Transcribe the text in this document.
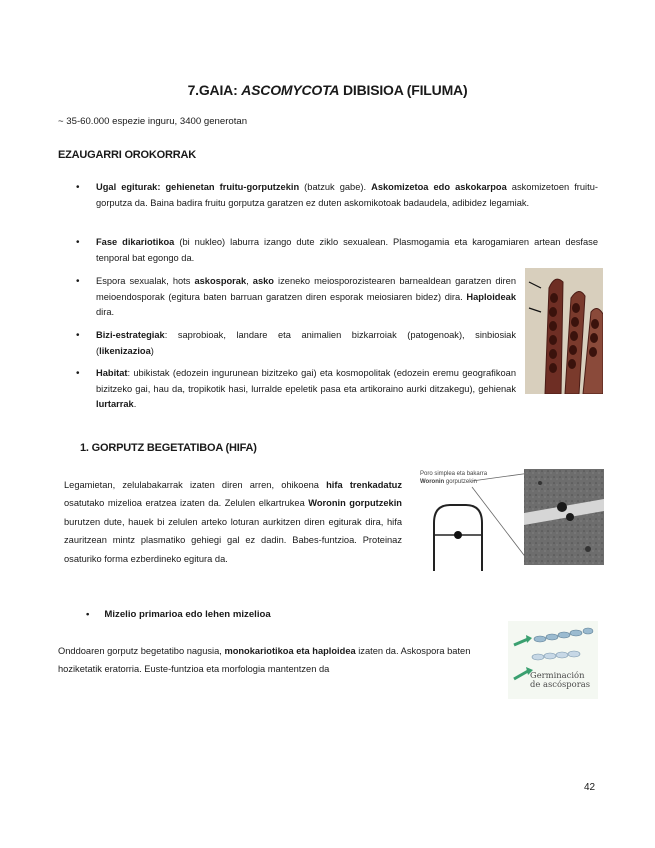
7.GAIA: ASCOMYCOTA DIBISIOA (FILUMA)
~ 35-60.000 espezie inguru, 3400 generotan
EZAUGARRI OROKORRAK
• Ugal egiturak: gehienetan fruitu-gorputzekin (batzuk gabe). Askomizetoa edo askokarpoa askomizetoen fruitu-gorputza da. Baina badira fruitu gorputza garatzen ez duten askomikotoak badaudela, adibidez legamiak.
• Fase dikariotikoa (bi nukleo) laburra izango dute ziklo sexualean. Plasmogamia eta karogamiaren artean desfase tenporal bat egongo da.
• Espora sexualak, hots askosporak, asko izeneko meiosporozistearen barnealdean garatzen diren meioendosporak (egitura baten barruan garatzen diren esporak meiosiaren bidez) dira. Haploideak dira.
• Bizi-estrategiak: saprobioak, landare eta animalien bizkarroiak (patogenoak), sinbiosiak (likenizazioa)
• Habitat: ubikistak (edozein ingurunean bizitzeko gai) eta kosmopolitak (edozein eremu geografikoan bizitzeko gai, hau da, tropikotik hasi, lurralde epeletik pasa eta artikoraino aurki ditzakegu), gehienak lurtarrak.
1. GORPUTZ BEGETATIBOA (HIFA)
Legamietan, zelulabakarrak izaten diren arren, ohikoena hifa trenkadatuz osatutako mizelioa eratzea izaten da. Zelulen elkartrukea Woronin gorputzekin burutzen dute, hauek bi zelulen arteko loturan aurkitzen diren egiturak dira, hifa zauritzean mintz plasmatiko gehiegi gal ez dadin. Babes-funtzioa. Proteinaz osaturiko forma ezberdineko egitura da.
Poro simplea eta bakarra
Woronin gorputzekin
• Mizelio primarioa edo lehen mizelioa
Onddoaren gorputz begetatibo nagusia, monokariotikoa eta haploidea izaten da. Askospora baten hoziketatik eratorria. Euste-funtzioa eta morfologia mantentzen da
Germinación
de ascósporas
42
